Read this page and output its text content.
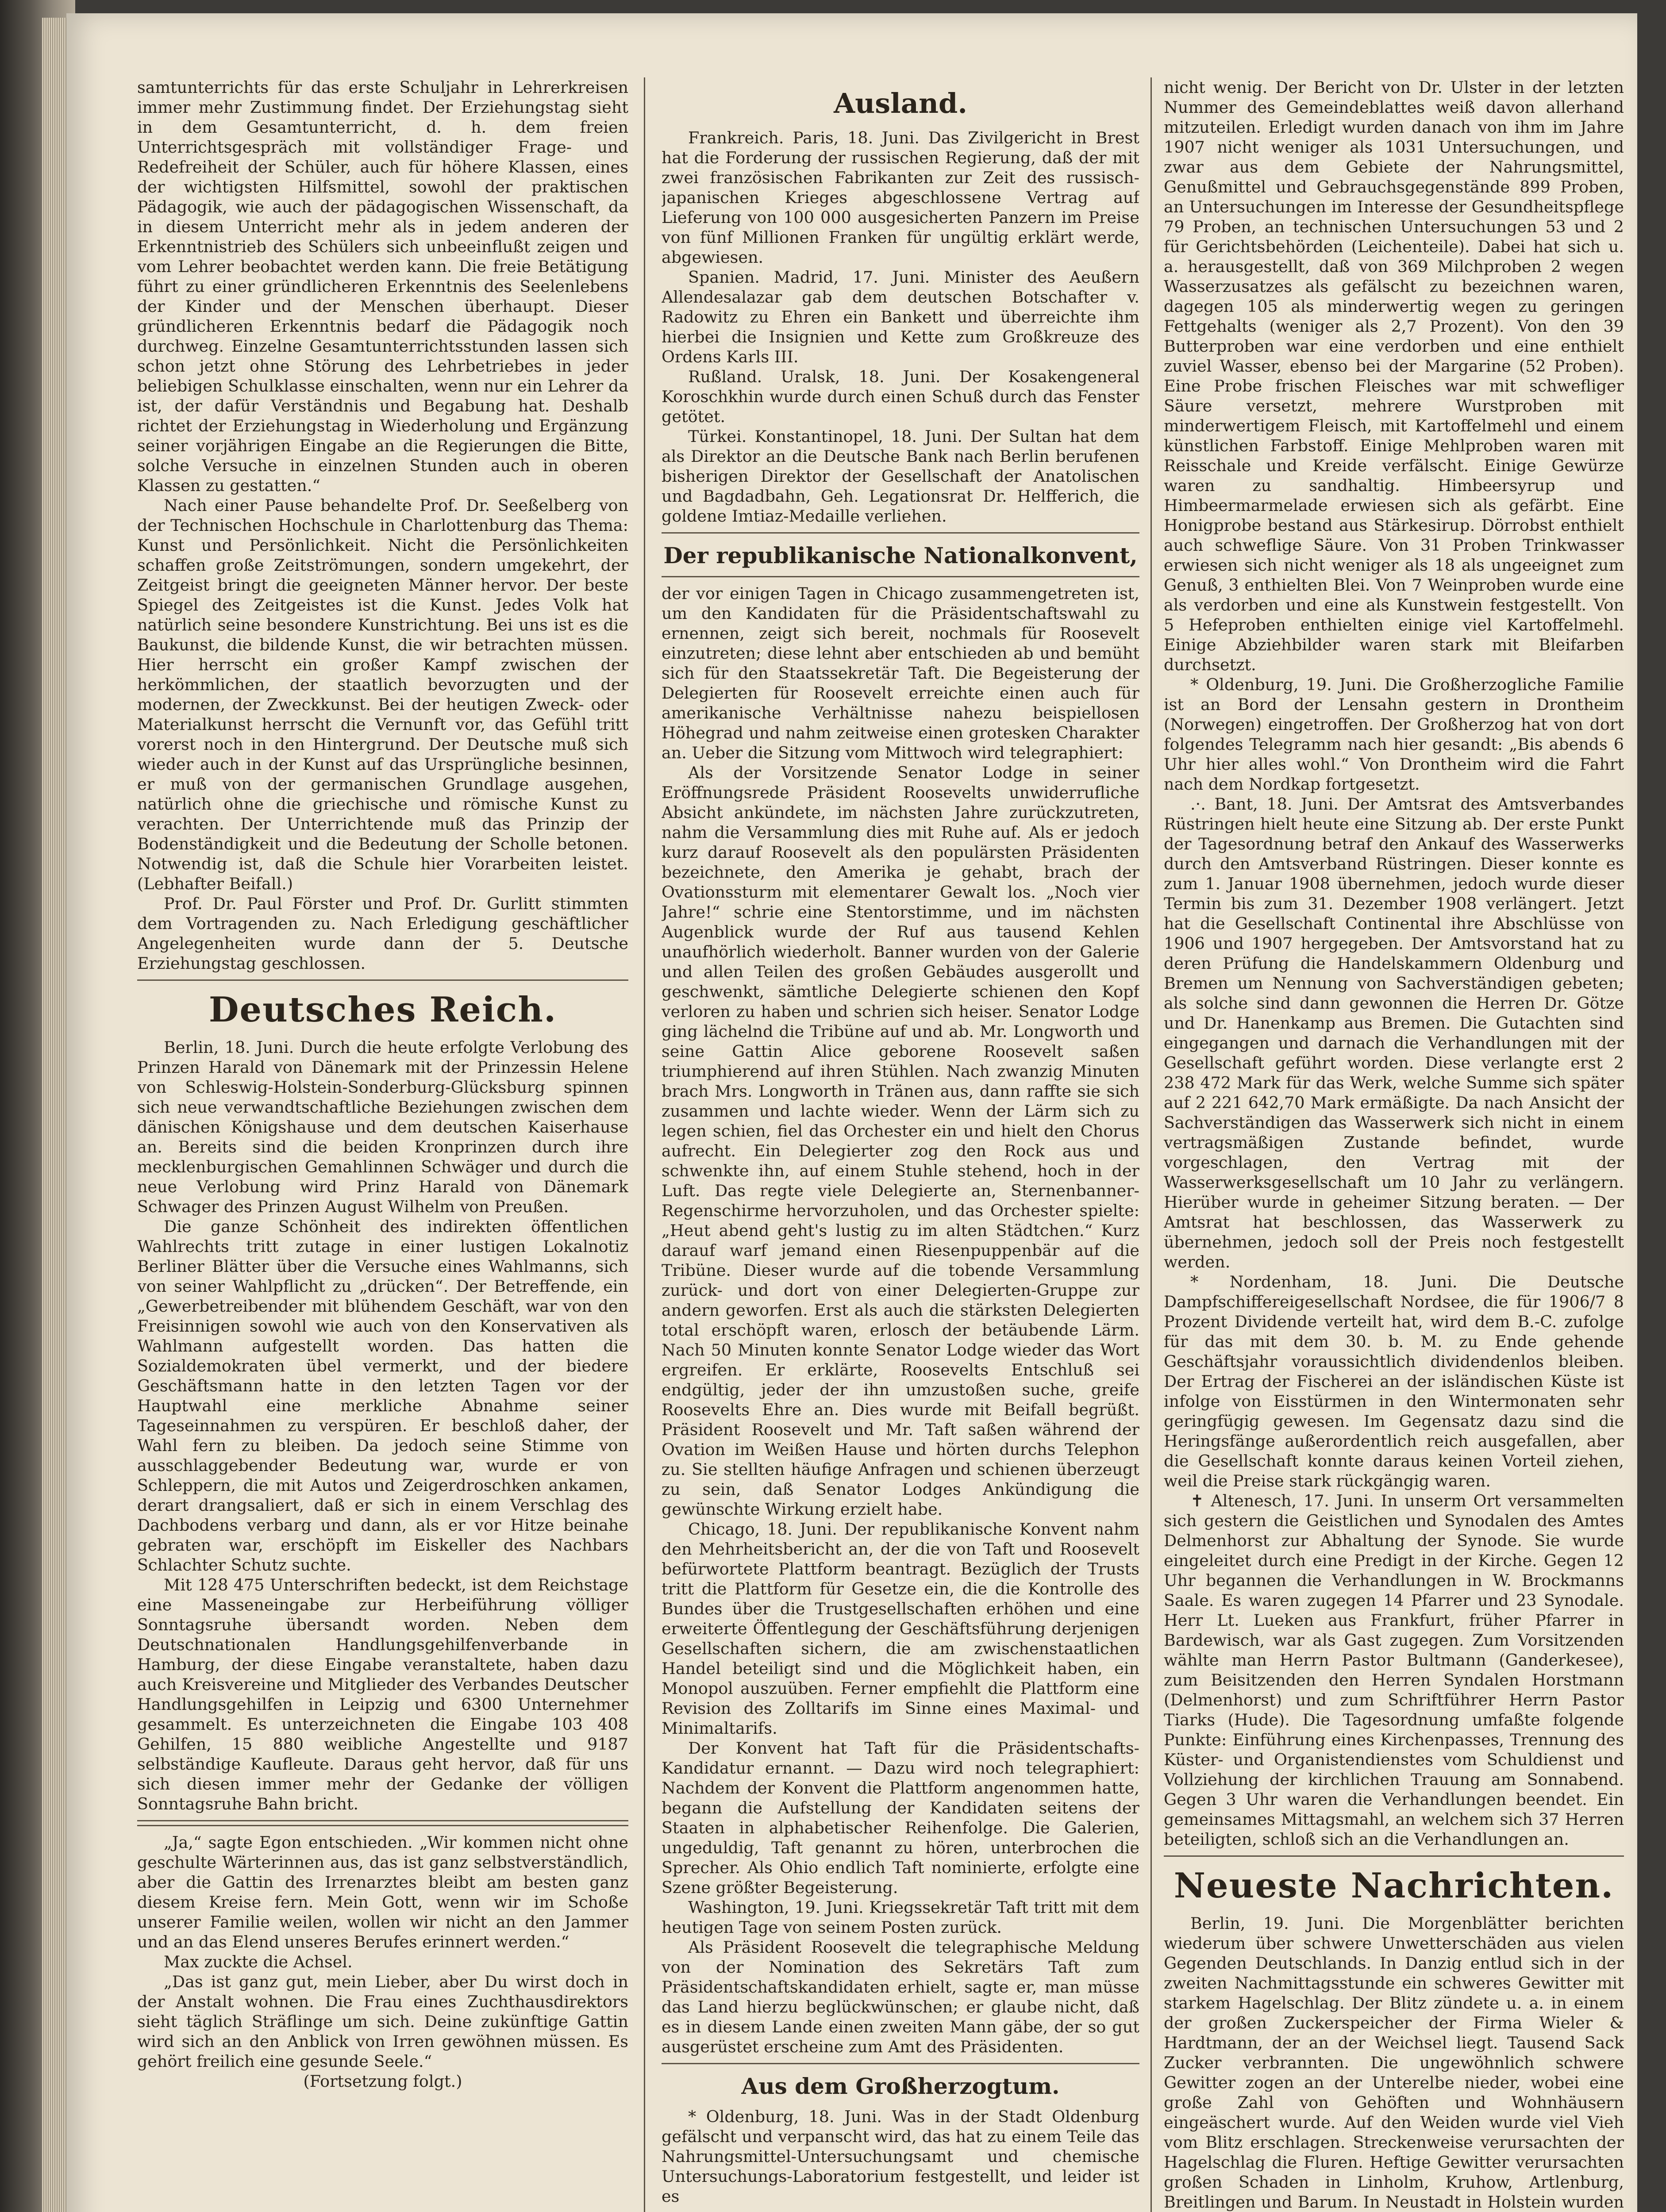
samtunterrichts für das erste Schuljahr in Lehrerkreisen immer mehr Zustimmung findet. Der Erziehungstag sieht in dem Gesamtunterricht, d. h. dem freien Unterrichtsgespräch mit vollständiger Frage- und Redefreiheit der Schüler, auch für höhere Klassen, eines der wichtigsten Hilfsmittel, sowohl der praktischen Pädagogik, wie auch der pädagogischen Wissenschaft, da in diesem Unterricht mehr als in jedem anderen der Erkenntnistrieb des Schülers sich unbeeinflußt zeigen und vom Lehrer beobachtet werden kann. Die freie Betätigung führt zu einer gründlicheren Erkenntnis des Seelenlebens der Kinder und der Menschen überhaupt. Dieser gründlicheren Erkenntnis bedarf die Pädagogik noch durchweg. Einzelne Gesamtunterrichtsstunden lassen sich schon jetzt ohne Störung des Lehrbetriebes in jeder beliebigen Schulklasse einschalten, wenn nur ein Lehrer da ist, der dafür Verständnis und Begabung hat. Deshalb richtet der Erziehungstag in Wiederholung und Ergänzung seiner vorjährigen Eingabe an die Regierungen die Bitte, solche Versuche in einzelnen Stunden auch in oberen Klassen zu gestatten.“

Nach einer Pause behandelte Prof. Dr. Seeßelberg von der Technischen Hochschule in Charlottenburg das Thema: Kunst und Persönlichkeit. Nicht die Persönlichkeiten schaffen große Zeitströmungen, sondern umgekehrt, der Zeitgeist bringt die geeigneten Männer hervor. Der beste Spiegel des Zeitgeistes ist die Kunst. Jedes Volk hat natürlich seine besondere Kunstrichtung. Bei uns ist es die Baukunst, die bildende Kunst, die wir betrachten müssen. Hier herrscht ein großer Kampf zwischen der herkömmlichen, der staatlich bevorzugten und der modernen, der Zweckkunst. Bei der heutigen Zweck- oder Materialkunst herrscht die Vernunft vor, das Gefühl tritt vorerst noch in den Hintergrund. Der Deutsche muß sich wieder auch in der Kunst auf das Ursprüngliche besinnen, er muß von der germanischen Grundlage ausgehen, natürlich ohne die griechische und römische Kunst zu verachten. Der Unterrichtende muß das Prinzip der Bodenständigkeit und die Bedeutung der Scholle betonen. Notwendig ist, daß die Schule hier Vorarbeiten leistet. (Lebhafter Beifall.)

Prof. Dr. Paul Förster und Prof. Dr. Gurlitt stimmten dem Vortragenden zu. Nach Erledigung geschäftlicher Angelegenheiten wurde dann der 5. Deutsche Erziehungstag geschlossen.

Deutsches Reich.

Berlin, 18. Juni. Durch die heute erfolgte Verlobung des Prinzen Harald von Dänemark mit der Prinzessin Helene von Schleswig-Holstein-Sonderburg-Glücksburg spinnen sich neue verwandtschaftliche Beziehungen zwischen dem dänischen Königshause und dem deutschen Kaiserhause an. Bereits sind die beiden Kronprinzen durch ihre mecklenburgischen Gemahlinnen Schwäger und durch die neue Verlobung wird Prinz Harald von Dänemark Schwager des Prinzen August Wilhelm von Preußen.

Die ganze Schönheit des indirekten öffentlichen Wahlrechts tritt zutage in einer lustigen Lokalnotiz Berliner Blätter über die Versuche eines Wahlmanns, sich von seiner Wahlpflicht zu „drücken“. Der Betreffende, ein „Gewerbetreibender mit blühendem Geschäft, war von den Freisinnigen sowohl wie auch von den Konservativen als Wahlmann aufgestellt worden. Das hatten die Sozialdemokraten übel vermerkt, und der biedere Geschäftsmann hatte in den letzten Tagen vor der Hauptwahl eine merkliche Abnahme seiner Tageseinnahmen zu verspüren. Er beschloß daher, der Wahl fern zu bleiben. Da jedoch seine Stimme von ausschlaggebender Bedeutung war, wurde er von Schleppern, die mit Autos und Zeigerdroschken ankamen, derart drangsaliert, daß er sich in einem Verschlag des Dachbodens verbarg und dann, als er vor Hitze beinahe gebraten war, erschöpft im Eiskeller des Nachbars Schlachter Schutz suchte.

Mit 128 475 Unterschriften bedeckt, ist dem Reichstage eine Masseneingabe zur Herbeiführung völliger Sonntagsruhe übersandt worden. Neben dem Deutschnationalen Handlungsgehilfenverbande in Hamburg, der diese Eingabe veranstaltete, haben dazu auch Kreisvereine und Mitglieder des Verbandes Deutscher Handlungsgehilfen in Leipzig und 6300 Unternehmer gesammelt. Es unterzeichneten die Eingabe 103 408 Gehilfen, 15 880 weibliche Angestellte und 9187 selbständige Kaufleute. Daraus geht hervor, daß für uns sich diesen immer mehr der Gedanke der völligen Sonntagsruhe Bahn bricht.

„Ja,“ sagte Egon entschieden. „Wir kommen nicht ohne geschulte Wärterinnen aus, das ist ganz selbstverständlich, aber die Gattin des Irrenarztes bleibt am besten ganz diesem Kreise fern. Mein Gott, wenn wir im Schoße unserer Familie weilen, wollen wir nicht an den Jammer und an das Elend unseres Berufes erinnert werden.“

Max zuckte die Achsel.

„Das ist ganz gut, mein Lieber, aber Du wirst doch in der Anstalt wohnen. Die Frau eines Zuchthausdirektors sieht täglich Sträflinge um sich. Deine zukünftige Gattin wird sich an den Anblick von Irren gewöhnen müssen. Es gehört freilich eine gesunde Seele.“

(Fortsetzung folgt.)

Ausland.

Frankreich. Paris, 18. Juni. Das Zivilgericht in Brest hat die Forderung der russischen Regierung, daß der mit zwei französischen Fabrikanten zur Zeit des russisch-japanischen Krieges abgeschlossene Vertrag auf Lieferung von 100 000 ausgesicherten Panzern im Preise von fünf Millionen Franken für ungültig erklärt werde, abgewiesen.

Spanien. Madrid, 17. Juni. Minister des Aeußern Allendesalazar gab dem deutschen Botschafter v. Radowitz zu Ehren ein Bankett und überreichte ihm hierbei die Insignien und Kette zum Großkreuze des Ordens Karls III.

Rußland. Uralsk, 18. Juni. Der Kosakengeneral Koroschkhin wurde durch einen Schuß durch das Fenster getötet.

Türkei. Konstantinopel, 18. Juni. Der Sultan hat dem als Direktor an die Deutsche Bank nach Berlin berufenen bisherigen Direktor der Gesellschaft der Anatolischen und Bagdadbahn, Geh. Legationsrat Dr. Helfferich, die goldene Imtiaz-Medaille verliehen.

Der republikanische Nationalkonvent,

der vor einigen Tagen in Chicago zusammengetreten ist, um den Kandidaten für die Präsidentschaftswahl zu ernennen, zeigt sich bereit, nochmals für Roosevelt einzutreten; diese lehnt aber entschieden ab und bemüht sich für den Staatssekretär Taft. Die Begeisterung der Delegierten für Roosevelt erreichte einen auch für amerikanische Verhältnisse nahezu beispiellosen Höhegrad und nahm zeitweise einen grotesken Charakter an. Ueber die Sitzung vom Mittwoch wird telegraphiert:

Als der Vorsitzende Senator Lodge in seiner Eröffnungsrede Präsident Roosevelts unwiderrufliche Absicht ankündete, im nächsten Jahre zurückzutreten, nahm die Versammlung dies mit Ruhe auf. Als er jedoch kurz darauf Roosevelt als den populärsten Präsidenten bezeichnete, den Amerika je gehabt, brach der Ovationssturm mit elementarer Gewalt los. „Noch vier Jahre!“ schrie eine Stentorstimme, und im nächsten Augenblick wurde der Ruf aus tausend Kehlen unaufhörlich wiederholt. Banner wurden von der Galerie und allen Teilen des großen Gebäudes ausgerollt und geschwenkt, sämtliche Delegierte schienen den Kopf verloren zu haben und schrien sich heiser. Senator Lodge ging lächelnd die Tribüne auf und ab. Mr. Longworth und seine Gattin Alice geborene Roosevelt saßen triumphierend auf ihren Stühlen. Nach zwanzig Minuten brach Mrs. Longworth in Tränen aus, dann raffte sie sich zusammen und lachte wieder. Wenn der Lärm sich zu legen schien, fiel das Orchester ein und hielt den Chorus aufrecht. Ein Delegierter zog den Rock aus und schwenkte ihn, auf einem Stuhle stehend, hoch in der Luft. Das regte viele Delegierte an, Sternenbanner-Regenschirme hervorzuholen, und das Orchester spielte: „Heut abend geht's lustig zu im alten Städtchen.“ Kurz darauf warf jemand einen Riesenpuppenbär auf die Tribüne. Dieser wurde auf die tobende Versammlung zurück- und dort von einer Delegierten-Gruppe zur andern geworfen. Erst als auch die stärksten Delegierten total erschöpft waren, erlosch der betäubende Lärm. Nach 50 Minuten konnte Senator Lodge wieder das Wort ergreifen. Er erklärte, Roosevelts Entschluß sei endgültig, jeder der ihn umzustoßen suche, greife Roosevelts Ehre an. Dies wurde mit Beifall begrüßt. Präsident Roosevelt und Mr. Taft saßen während der Ovation im Weißen Hause und hörten durchs Telephon zu. Sie stellten häufige Anfragen und schienen überzeugt zu sein, daß Senator Lodges Ankündigung die gewünschte Wirkung erzielt habe.

Chicago, 18. Juni. Der republikanische Konvent nahm den Mehrheitsbericht an, der die von Taft und Roosevelt befürwortete Plattform beantragt. Bezüglich der Trusts tritt die Plattform für Gesetze ein, die die Kontrolle des Bundes über die Trustgesellschaften erhöhen und eine erweiterte Öffentlegung der Geschäftsführung derjenigen Gesellschaften sichern, die am zwischenstaatlichen Handel beteiligt sind und die Möglichkeit haben, ein Monopol auszuüben. Ferner empfiehlt die Plattform eine Revision des Zolltarifs im Sinne eines Maximal- und Minimaltarifs.

Der Konvent hat Taft für die Präsidentschafts-Kandidatur ernannt. — Dazu wird noch telegraphiert: Nachdem der Konvent die Plattform angenommen hatte, begann die Aufstellung der Kandidaten seitens der Staaten in alphabetischer Reihenfolge. Die Galerien, ungeduldig, Taft genannt zu hören, unterbrochen die Sprecher. Als Ohio endlich Taft nominierte, erfolgte eine Szene größter Begeisterung.

Washington, 19. Juni. Kriegssekretär Taft tritt mit dem heutigen Tage von seinem Posten zurück.

Als Präsident Roosevelt die telegraphische Meldung von der Nomination des Sekretärs Taft zum Präsidentschaftskandidaten erhielt, sagte er, man müsse das Land hierzu beglückwünschen; er glaube nicht, daß es in diesem Lande einen zweiten Mann gäbe, der so gut ausgerüstet erscheine zum Amt des Präsidenten.

Aus dem Großherzogtum.

* Oldenburg, 18. Juni. Was in der Stadt Oldenburg gefälscht und verpanscht wird, das hat zu einem Teile das Nahrungsmittel-Untersuchungsamt und chemische Untersuchungs-Laboratorium festgestellt, und leider ist es

nicht wenig. Der Bericht von Dr. Ulster in der letzten Nummer des Gemeindeblattes weiß davon allerhand mitzuteilen. Erledigt wurden danach von ihm im Jahre 1907 nicht weniger als 1031 Untersuchungen, und zwar aus dem Gebiete der Nahrungsmittel, Genußmittel und Gebrauchsgegenstände 899 Proben, an Untersuchungen im Interesse der Gesundheitspflege 79 Proben, an technischen Untersuchungen 53 und 2 für Gerichtsbehörden (Leichenteile). Dabei hat sich u. a. herausgestellt, daß von 369 Milchproben 2 wegen Wasserzusatzes als gefälscht zu bezeichnen waren, dagegen 105 als minderwertig wegen zu geringen Fettgehalts (weniger als 2,7 Prozent). Von den 39 Butterproben war eine verdorben und eine enthielt zuviel Wasser, ebenso bei der Margarine (52 Proben). Eine Probe frischen Fleisches war mit schwefliger Säure versetzt, mehrere Wurstproben mit minderwertigem Fleisch, mit Kartoffelmehl und einem künstlichen Farbstoff. Einige Mehlproben waren mit Reisschale und Kreide verfälscht. Einige Gewürze waren zu sandhaltig. Himbeersyrup und Himbeermarmelade erwiesen sich als gefärbt. Eine Honigprobe bestand aus Stärkesirup. Dörrobst enthielt auch schweflige Säure. Von 31 Proben Trinkwasser erwiesen sich nicht weniger als 18 als ungeeignet zum Genuß, 3 enthielten Blei. Von 7 Weinproben wurde eine als verdorben und eine als Kunstwein festgestellt. Von 5 Hefeproben enthielten einige viel Kartoffelmehl. Einige Abziehbilder waren stark mit Bleifarben durchsetzt.

* Oldenburg, 19. Juni. Die Großherzogliche Familie ist an Bord der Lensahn gestern in Drontheim (Norwegen) eingetroffen. Der Großherzog hat von dort folgendes Telegramm nach hier gesandt: „Bis abends 6 Uhr hier alles wohl.“ Von Drontheim wird die Fahrt nach dem Nordkap fortgesetzt.

.·. Bant, 18. Juni. Der Amtsrat des Amtsverbandes Rüstringen hielt heute eine Sitzung ab. Der erste Punkt der Tagesordnung betraf den Ankauf des Wasserwerks durch den Amtsverband Rüstringen. Dieser konnte es zum 1. Januar 1908 übernehmen, jedoch wurde dieser Termin bis zum 31. Dezember 1908 verlängert. Jetzt hat die Gesellschaft Continental ihre Abschlüsse von 1906 und 1907 hergegeben. Der Amtsvorstand hat zu deren Prüfung die Handelskammern Oldenburg und Bremen um Nennung von Sachverständigen gebeten; als solche sind dann gewonnen die Herren Dr. Götze und Dr. Hanenkamp aus Bremen. Die Gutachten sind eingegangen und darnach die Verhandlungen mit der Gesellschaft geführt worden. Diese verlangte erst 2 238 472 Mark für das Werk, welche Summe sich später auf 2 221 642,70 Mark ermäßigte. Da nach Ansicht der Sachverständigen das Wasserwerk sich nicht in einem vertragsmäßigen Zustande befindet, wurde vorgeschlagen, den Vertrag mit der Wasserwerksgesellschaft um 10 Jahr zu verlängern. Hierüber wurde in geheimer Sitzung beraten. — Der Amtsrat hat beschlossen, das Wasserwerk zu übernehmen, jedoch soll der Preis noch festgestellt werden.

* Nordenham, 18. Juni. Die Deutsche Dampfschiffereigesellschaft Nordsee, die für 1906/7 8 Prozent Dividende verteilt hat, wird dem B.-C. zufolge für das mit dem 30. b. M. zu Ende gehende Geschäftsjahr voraussichtlich dividendenlos bleiben. Der Ertrag der Fischerei an der isländischen Küste ist infolge von Eisstürmen in den Wintermonaten sehr geringfügig gewesen. Im Gegensatz dazu sind die Heringsfänge außerordentlich reich ausgefallen, aber die Gesellschaft konnte daraus keinen Vorteil ziehen, weil die Preise stark rückgängig waren.

✝ Altenesch, 17. Juni. In unserm Ort versammelten sich gestern die Geistlichen und Synodalen des Amtes Delmenhorst zur Abhaltung der Synode. Sie wurde eingeleitet durch eine Predigt in der Kirche. Gegen 12 Uhr begannen die Verhandlungen in W. Brockmanns Saale. Es waren zugegen 14 Pfarrer und 23 Synodale. Herr Lt. Lueken aus Frankfurt, früher Pfarrer in Bardewisch, war als Gast zugegen. Zum Vorsitzenden wählte man Herrn Pastor Bultmann (Ganderkesee), zum Beisitzenden den Herren Syndalen Horstmann (Delmenhorst) und zum Schriftführer Herrn Pastor Tiarks (Hude). Die Tagesordnung umfaßte folgende Punkte: Einführung eines Kirchenpasses, Trennung des Küster- und Organistendienstes vom Schuldienst und Vollziehung der kirchlichen Trauung am Sonnabend. Gegen 3 Uhr waren die Verhandlungen beendet. Ein gemeinsames Mittagsmahl, an welchem sich 37 Herren beteiligten, schloß sich an die Verhandlungen an.

Neueste Nachrichten.

Berlin, 19. Juni. Die Morgenblätter berichten wiederum über schwere Unwetterschäden aus vielen Gegenden Deutschlands. In Danzig entlud sich in der zweiten Nachmittagsstunde ein schweres Gewitter mit starkem Hagelschlag. Der Blitz zündete u. a. in einem der großen Zuckerspeicher der Firma Wieler & Hardtmann, der an der Weichsel liegt. Tausend Sack Zucker verbrannten. Die ungewöhnlich schwere Gewitter zogen an der Unterelbe nieder, wobei eine große Zahl von Gehöften und Wohnhäusern eingeäschert wurde. Auf den Weiden wurde viel Vieh vom Blitz erschlagen. Streckenweise verursachten der Hagelschlag die Fluren. Heftige Gewitter verursachten großen Schaden in Linholm, Kruhow, Artlenburg, Breitlingen und Barum. In Neustadt in Holstein wurden
